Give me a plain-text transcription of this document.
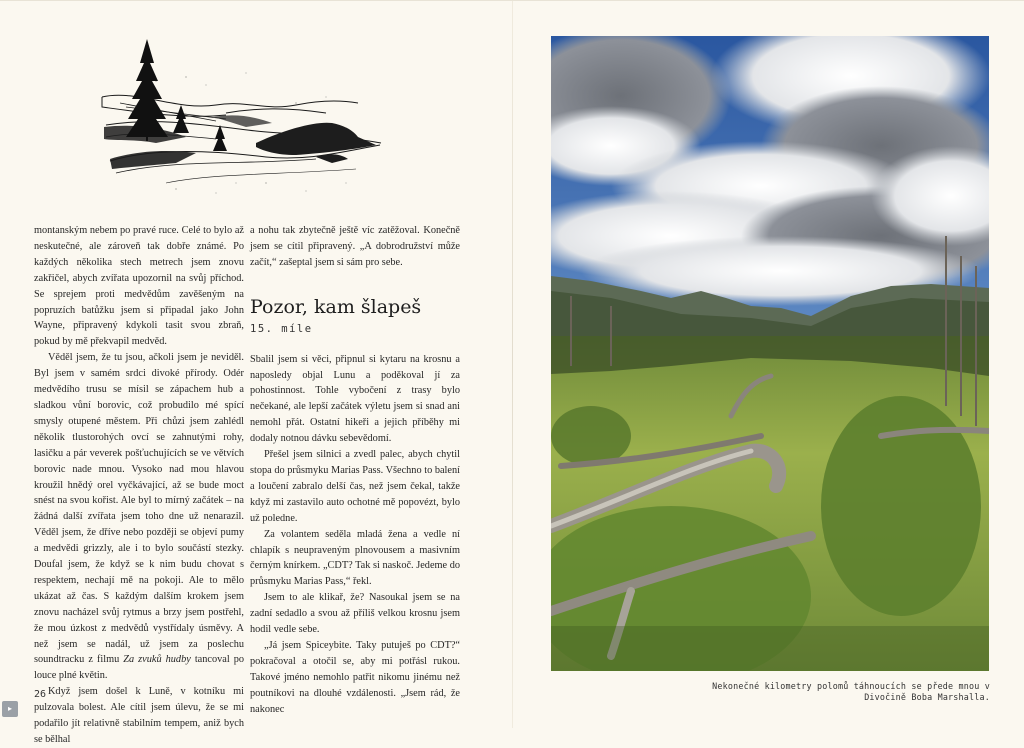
montanským nebem po pravé ruce. Celé to bylo až neskutečné, ale zároveň tak dobře známé. Po každých několika stech metrech jsem znovu zakřičel, abych zvířata upozornil na svůj příchod. Se sprejem proti medvědům zavěšeným na popruzích batůžku jsem si připadal jako John Wayne, připravený kdykoli tasit svou zbraň, pokud by mě překvapil medvěd.

Věděl jsem, že tu jsou, ačkoli jsem je neviděl. Byl jsem v samém srdci divoké přírody. Odér medvědího trusu se mísil se zápachem hub a sladkou vůní borovic, což probudilo mé spící smysly otupené městem. Při chůzi jsem zahlédl několik tlustorohých ovcí se zahnutými rohy, lasičku a pár veverek pošťuchujících se ve větvích borovic nade mnou. Vysoko nad mou hlavou kroužil hnědý orel vyčkávající, až se bude moct snést na svou kořist. Ale byl to mírný začátek – na žádná další zvířata jsem toho dne už nenarazil. Věděl jsem, že dříve nebo později se objeví pumy a medvědi grizzly, ale i to bylo součástí stezky. Doufal jsem, že když se k nim budu chovat s respektem, nechají mě na pokoji. Ale to mělo ukázat až čas. S každým dalším krokem jsem znovu nacházel svůj rytmus a brzy jsem postřehl, že mou úzkost z medvědů vystřídaly úsměvy. A než jsem se nadál, už jsem za poslechu soundtracku z filmu Za zvuků hudby tancoval po louce plné květin.

Když jsem došel k Luně, v kotníku mi pulzovala bolest. Ale cítil jsem úlevu, že se mi podařilo jít relativně stabilním tempem, aniž bych se bělhal

a nohu tak zbytečně ještě víc zatěžoval. Konečně jsem se cítil připravený. „A dobrodružství může začít,“ zašeptal jsem si sám pro sebe.

Pozor, kam šlapeš
15. míle

Sbalil jsem si věci, připnul si kytaru na krosnu a naposledy objal Lunu a poděkoval jí za pohostinnost. Tohle vybočení z trasy bylo nečekané, ale lepší začátek výletu jsem si snad ani nemohl přát. Ostatní hikeři a jejich příběhy mi dodaly notnou dávku sebevědomí.

Přešel jsem silnici a zvedl palec, abych chytil stopa do průsmyku Marias Pass. Všechno to balení a loučení zabralo delší čas, než jsem čekal, takže když mi zastavilo auto ochotné mě popovézt, bylo už poledne.

Za volantem seděla mladá žena a vedle ní chlapík s neupraveným plnovousem a masivním černým knírkem. „CDT? Tak si naskoč. Jedeme do průsmyku Marias Pass,“ řekl.

Jsem to ale klikař, že? Nasoukal jsem se na zadní sedadlo a svou až příliš velkou krosnu jsem hodil vedle sebe.

„Já jsem Spiceybite. Taky putuješ po CDT?“ pokračoval a otočil se, aby mi potřásl rukou. Takové jméno nemohlo patřit nikomu jinému než poutníkovi na dlouhé vzdálenosti. „Jsem rád, že nakonec

26
▸
Nekonečné kilometry polomů táhnoucích se přede mnou v Divočině Boba Marshalla.
